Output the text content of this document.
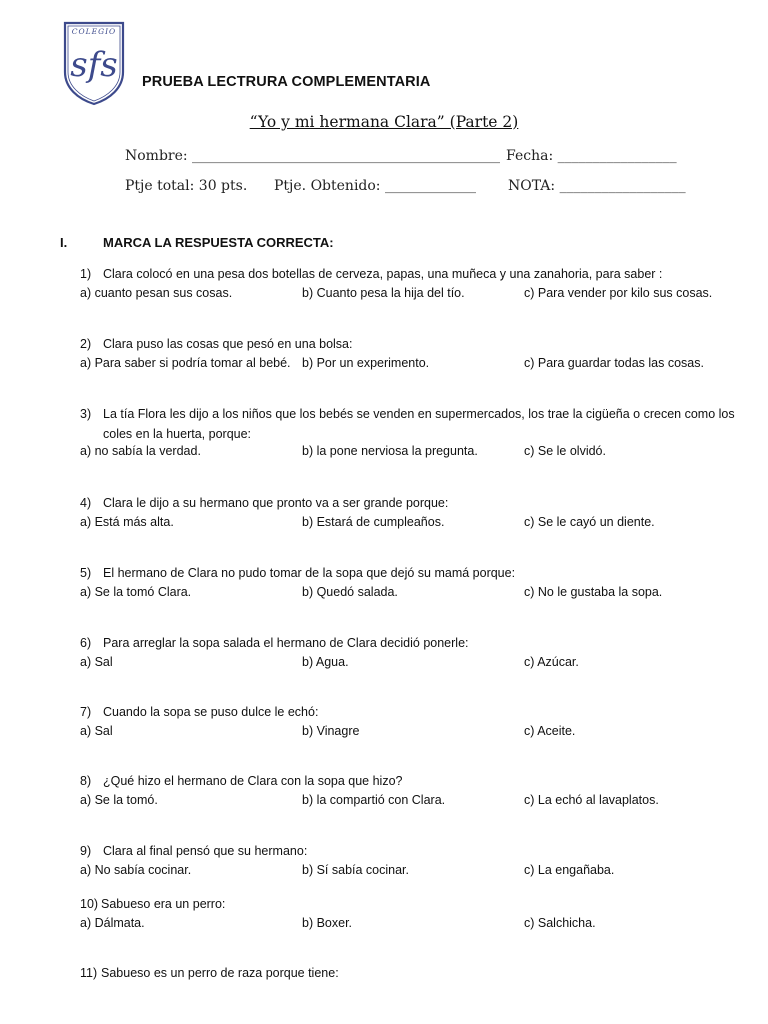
COLEGIO
sfs PRUEBA LECTRURA COMPLEMENTARIA
“Yo y mi hermana Clara” (Parte 2)
Nombre: ____________________________________________ Fecha: _________________
Ptje total: 30 pts. Ptje. Obtenido: _____________ NOTA: __________________
I.	MARCA LA RESPUESTA CORRECTA:
1) Clara colocó en una pesa dos botellas de cerveza, papas, una muñeca y una zanahoria, para saber :
a) cuanto pesan sus cosas.	b) Cuanto pesa la hija del tío.	c) Para vender por kilo sus cosas.
2) Clara puso las cosas que pesó en una bolsa:
a) Para saber si podría tomar al bebé. b) Por un experimento.	c) Para guardar todas las cosas.
3) La tía Flora les dijo a los niños que los bebés se venden en supermercados, los trae la cigüeña o crecen como los
coles en la huerta, porque:
a) no sabía la verdad.	b) la pone nerviosa la pregunta.	c) Se le olvidó.
4) Clara le dijo a su hermano que pronto va a ser grande porque:
a) Está más alta.	b) Estará de cumpleaños.	c) Se le cayó un diente.
5) El hermano de Clara no pudo tomar de la sopa que dejó su mamá porque:
a) Se la tomó Clara.	b) Quedó salada.	c) No le gustaba la sopa.
6) Para arreglar la sopa salada el hermano de Clara decidió ponerle:
a) Sal	b) Agua.	c) Azúcar.
7) Cuando la sopa se puso dulce le echó:
a) Sal	b) Vinagre	c) Aceite.
8) ¿Qué hizo el hermano de Clara con la sopa que hizo?
a) Se la tomó.	b) la compartió con Clara.	c) La echó al lavaplatos.
9) Clara al final pensó que su hermano:
a) No sabía cocinar.	b) Sí sabía cocinar.	c) La engañaba.
10) Sabueso era un perro:
a) Dálmata.	b) Boxer.	c) Salchicha.
11) Sabueso es un perro de raza porque tiene:
